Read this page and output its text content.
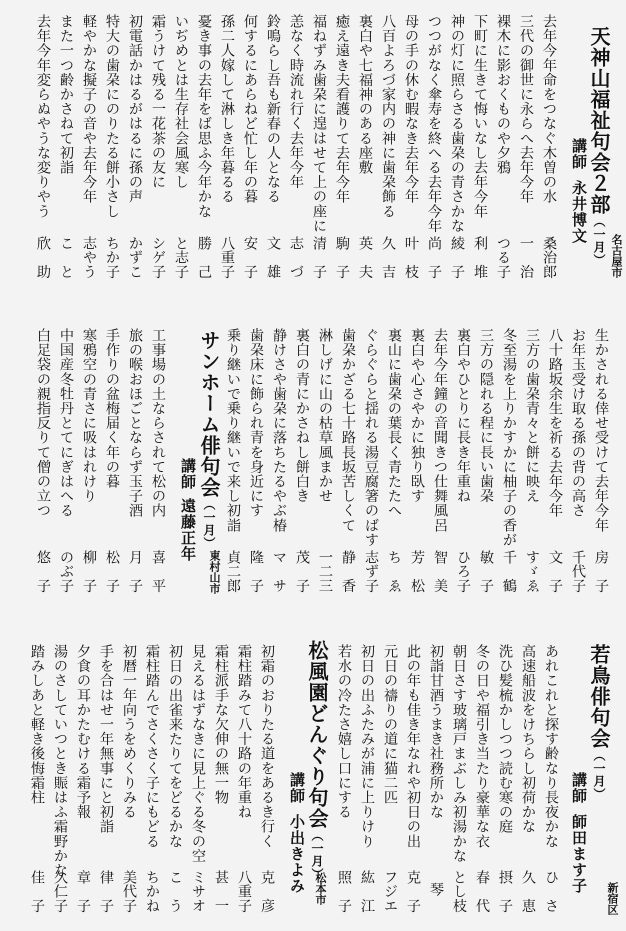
天神山福祉句会２部（一月） 名古屋市
講師永井博文
去年今年命をつなぐ木曽の水
桑治郎
三代の御世に永らへ去年今年
一　治
裸木に影おくものや夕鴉
つる子
下町に生きて悔いなし去年今年
利　堆
神の灯に照らさる歯朶の青さかな
綾　子
つつがなく傘寿を終へる去年今年
尚　子
母の手の休む暇なき去年今年
叶　枝
八百よろづ家内の神に歯朶飾る
久　吉
裏白や七福神のある座敷
英　夫
癒え遠き夫看護りて去年今年
駒　子
福ねずみ歯朶に遑はせて上の座に
清　子
恙なく時流れ行く去年今年
志　づ
鈴鳴らし吾も新春の人となる
文　雄
何するにあらねど忙し年の暮
安　子
孫二人嫁して淋しき年暮るる
八重子
憂き事の去年をば思ふ今年かな
勝　己
いぢめとは生存社会風寒し
と志子
霜うけて残る一花茶の友に
シゲ子
初電話かはるがはるに孫の声
かずこ
特大の歯朶にのりたる餅小さし
ちか子
軽やかな擬子の音や去年今年
志やう
また一つ齢かさねて初詣
こ　と
去年今年変らぬやうな変りやう
欣　助
生かされる倖せ受けて去年今年
房　子
お年玉受け取る孫の背の高さ
千代子
八十路坂余生を祈る去年今年
文　子
三方の歯朶青々と餅に映え
すゞゑ
冬至湯を上りかすかに柚子の香が
千　鶴
三方の隠れる程に長い歯朶
敏　子
裏白やひとりに長き年重ね
ひろ子
去年今年鐘の音聞きつ仕舞風呂
智　美
裏白や心さやかに独り臥す
芳　松
裏山に歯朶の葉長く青たたへ
ち　ゑ
ぐらぐらと揺れる湯豆腐箸のばす
志ず子
歯朶かざる七十路長坂苦しくて
静　香
淋しげに山の枯草風まかせ
一二三
裏白の青にかさねし餅白き
茂　子
静けさや歯朶に落ちたるやぶ椿
マ　サ
歯朶床に飾られ青を身近にす
隆　子
乗り継いで乗り継いで来し初詣
貞二郎
サンホーム俳句会（一月）
東村山市
講師遠藤正年
工事場の土ならされて松の内
喜　平
旅の喉おほごとならず玉子酒
月　子
手作りの盆梅届く年の暮
松　子
寒鴉空の青さに吸はれけり
柳　子
中国産冬牡丹とてにぎはへる
のぶ子
白足袋の親指反りて僧の立つ
悠　子
若鳥俳句会（一月）
新宿区
講師師田ます子
あれこれと探す齢なり長夜かな
ひ　さ
高速船波をけちらし初荷かな
久　恵
洗ひ髪梳かしつつ読む寒の庭
摂　子
冬の日や福引き当たり豪華な衣
春　代
朝日さす玻璃戸まぶしみ初湯かな
とし枝
初詣甘酒うまき社務所かな
琴
此の年も佳き年なれや初日の出
克　子
元日の禱りの道に猫二匹
フジエ
初日の出ふたみが浦に上りけり
紘　江
若水の冷たさ嬉し口にする
照　子
松風園どんぐり句会（一月）
松本市
講師小出きよみ
初霜のおりたる道をあるき行く
克　彦
霜柱踏みて八十路の年重ね
八重子
霜柱派手な欠伸の無一物
甚　一
見えるはずなきに見上ぐる冬の空
ミサオ
初日の出雀来たりてをどるかな
こ　う
霜柱踏んでさくさく子にもどる
ちかね
初暦一年向うをめくりみる
美代子
手を合はせ一年無事にと初詣
律　子
夕食の耳かたむける霜予報
章　子
湯のさしていつとき賑はふ霜野かな
久仁子
踏みしあと軽き後悔霜柱
佳　子
